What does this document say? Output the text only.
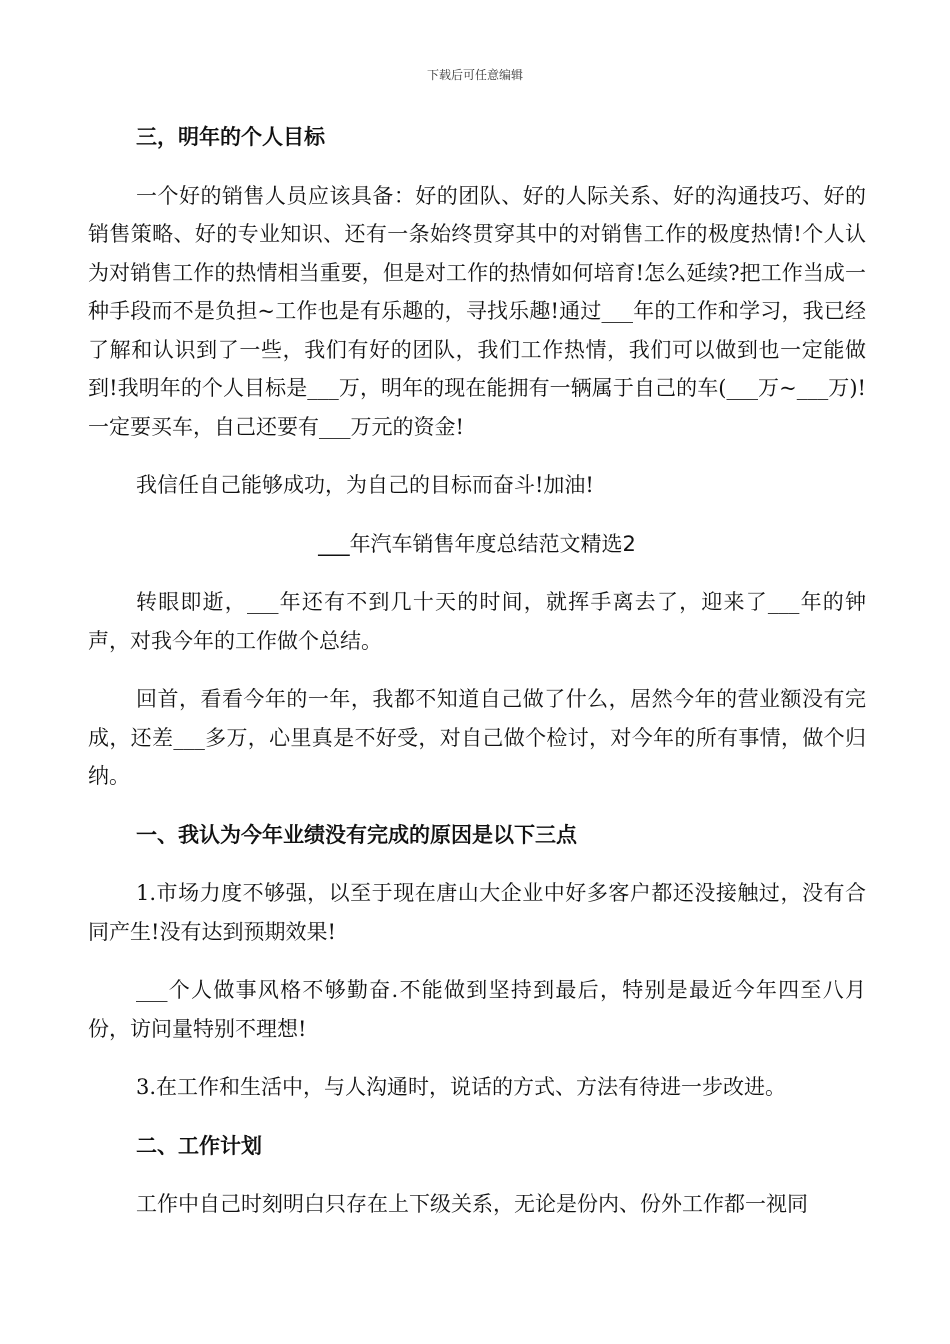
下载后可任意编辑
三，明年的个人目标

一个好的销售人员应该具备：好的团队、好的人际关系、好的沟通技巧、好的销售策略、好的专业知识、还有一条始终贯穿其中的对销售工作的极度热情!个人认为对销售工作的热情相当重要，但是对工作的热情如何培育!怎么延续?把工作当成一种手段而不是负担~工作也是有乐趣的，寻找乐趣!通过___年的工作和学习，我已经了解和认识到了一些，我们有好的团队，我们工作热情，我们可以做到也一定能做到!我明年的个人目标是___万，明年的现在能拥有一辆属于自己的车(___万~___万)!一定要买车，自己还要有___万元的资金!

我信任自己能够成功，为自己的目标而奋斗!加油!

___年汽车销售年度总结范文精选2

转眼即逝，___年还有不到几十天的时间，就挥手离去了，迎来了___年的钟声，对我今年的工作做个总结。

回首，看看今年的一年，我都不知道自己做了什么，居然今年的营业额没有完成，还差___多万，心里真是不好受，对自己做个检讨，对今年的所有事情，做个归纳。

一、我认为今年业绩没有完成的原因是以下三点

1.市场力度不够强，以至于现在唐山大企业中好多客户都还没接触过，没有合同产生!没有达到预期效果!

___个人做事风格不够勤奋.不能做到坚持到最后，特别是最近今年四至八月份，访问量特别不理想!

3.在工作和生活中，与人沟通时，说话的方式、方法有待进一步改进。

二、工作计划

工作中自己时刻明白只存在上下级关系，无论是份内、份外工作都一视同
